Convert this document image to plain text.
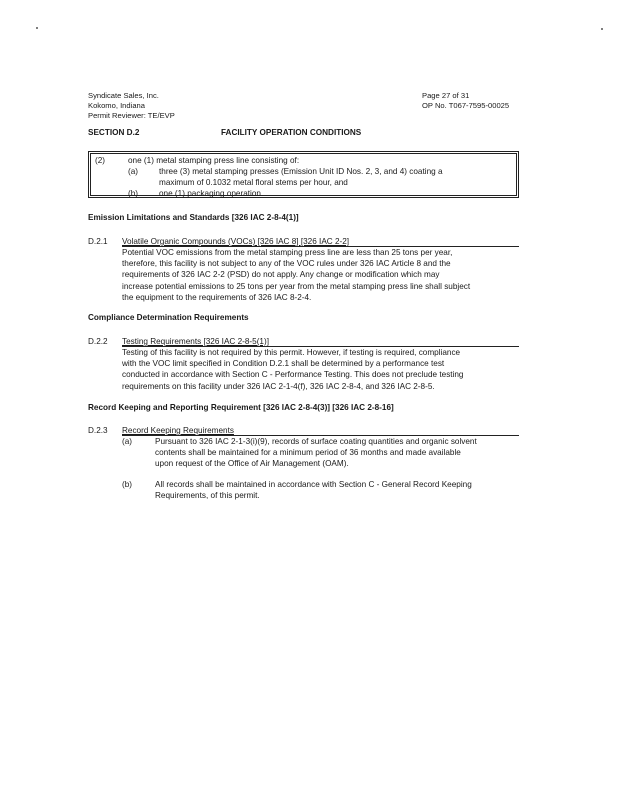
Syndicate Sales, Inc.
Kokomo, Indiana
Permit Reviewer: TE/EVP
Page 27 of 31
OP No. T067-7595-00025
SECTION D.2	FACILITY OPERATION CONDITIONS
(2)	one (1) metal stamping press line consisting of:
(a)	three (3) metal stamping presses (Emission Unit ID Nos. 2, 3, and 4) coating a
maximum of 0.1032 metal floral stems per hour, and
(b)	one (1) packaging operation.
Emission Limitations and Standards [326 IAC 2-8-4(1)]
D.2.1 Volatile Organic Compounds (VOCs) [326 IAC 8] [326 IAC 2-2]
Potential VOC emissions from the metal stamping press line are less than 25 tons per year,
therefore, this facility is not subject to any of the VOC rules under 326 IAC Article 8 and the
requirements of 326 IAC 2-2 (PSD) do not apply. Any change or modification which may
increase potential emissions to 25 tons per year from the metal stamping press line shall subject
the equipment to the requirements of 326 IAC 8-2-4.
Compliance Determination Requirements
D.2.2 Testing Requirements [326 IAC 2-8-5(1)]
Testing of this facility is not required by this permit. However, if testing is required, compliance
with the VOC limit specified in Condition D.2.1 shall be determined by a performance test
conducted in accordance with Section C - Performance Testing. This does not preclude testing
requirements on this facility under 326 IAC 2-1-4(f), 326 IAC 2-8-4, and 326 IAC 2-8-5.
Record Keeping and Reporting Requirement [326 IAC 2-8-4(3)] [326 IAC 2-8-16]
D.2.3 Record Keeping Requirements
(a)	Pursuant to 326 IAC 2-1-3(i)(9), records of surface coating quantities and organic solvent
contents shall be maintained for a minimum period of 36 months and made available
upon request of the Office of Air Management (OAM).
(b)	All records shall be maintained in accordance with Section C - General Record Keeping
Requirements, of this permit.
